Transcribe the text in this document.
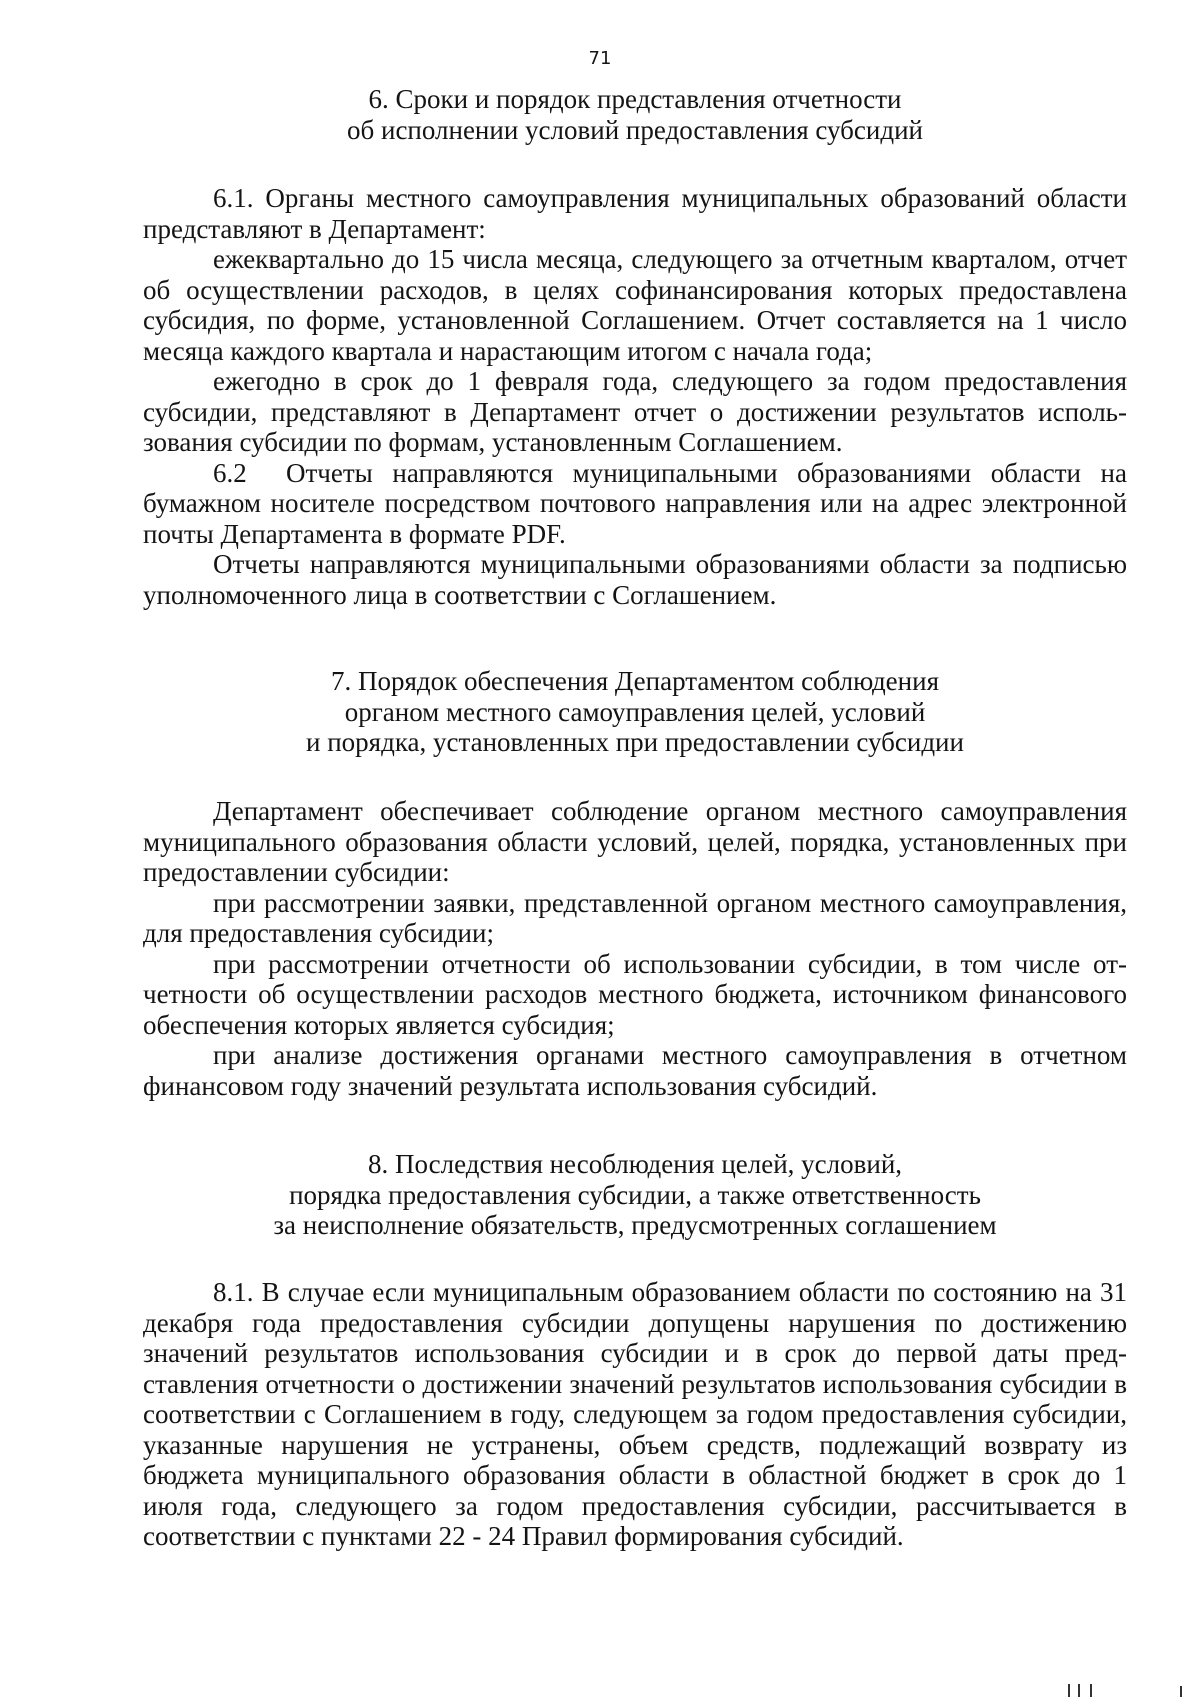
71
6. Сроки и порядок представления отчетности
об исполнении условий предоставления субсидий

6.1. Органы местного самоуправления муниципальных образований области представляют в Департамент:

ежеквартально до 15 числа месяца, следующего за отчетным кварталом, отчет об осуществлении расходов, в целях софинансирования которых предоставлена субсидия, по форме, установленной Соглашением. Отчет составляется на 1 число месяца каждого квартала и нарастающим итогом с начала года;

ежегодно в срок до 1 февраля года, следующего за годом предоставления субсидии, представляют в Департамент отчет о достижении результатов использования субсидии по формам, установленным Соглашением.

6.2 Отчеты направляются муниципальными образованиями области на бумажном носителе посредством почтового направления или на адрес электронной почты Департамента в формате PDF.

Отчеты направляются муниципальными образованиями области за подписью уполномоченного лица в соответствии с Соглашением.

7. Порядок обеспечения Департаментом соблюдения
органом местного самоуправления целей, условий
и порядка, установленных при предоставлении субсидии

Департамент обеспечивает соблюдение органом местного самоуправления муниципального образования области условий, целей, порядка, установленных при предоставлении субсидии:

при рассмотрении заявки, представленной органом местного самоуправления, для предоставления субсидии;

при рассмотрении отчетности об использовании субсидии, в том числе отчетности об осуществлении расходов местного бюджета, источником финансового обеспечения которых является субсидия;

при анализе достижения органами местного самоуправления в отчетном финансовом году значений результата использования субсидий.

8. Последствия несоблюдения целей, условий,
порядка предоставления субсидии, а также ответственность
за неисполнение обязательств, предусмотренных соглашением

8.1. В случае если муниципальным образованием области по состоянию на 31 декабря года предоставления субсидии допущены нарушения по достижению значений результатов использования субсидии и в срок до первой даты представления отчетности о достижении значений результатов использования субсидии в соответствии с Соглашением в году, следующем за годом предоставления субсидии, указанные нарушения не устранены, объем средств, подлежащий возврату из бюджета муниципального образования области в областной бюджет в срок до 1 июля года, следующего за годом предоставления субсидии, рассчитывается в соответствии с пунктами 22 - 24 Правил формирования субсидий.
